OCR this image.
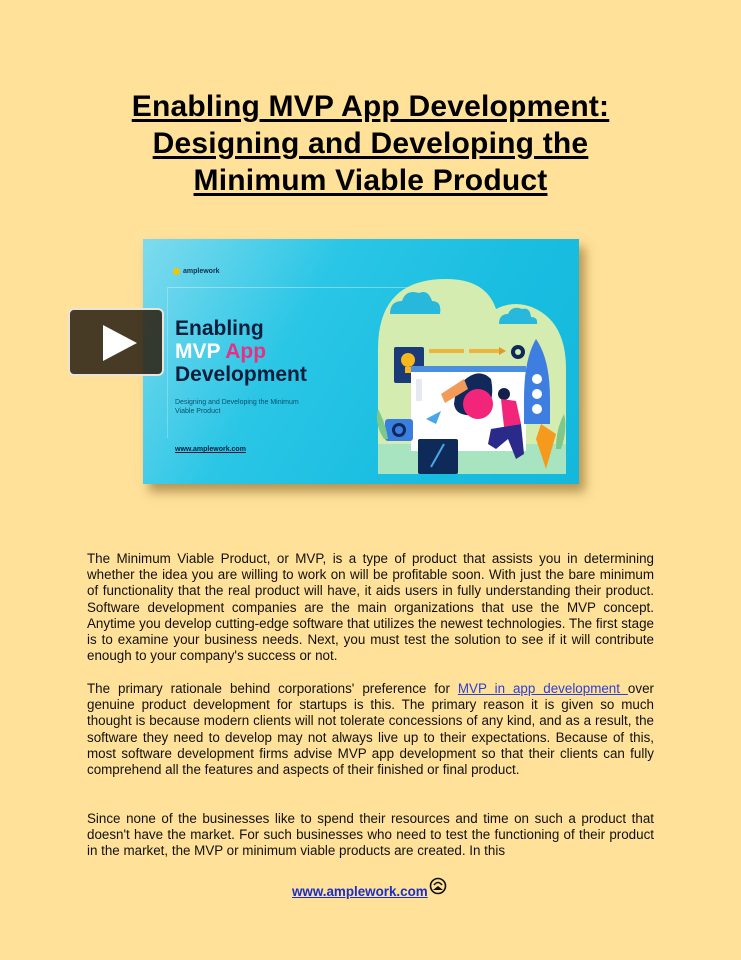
Enabling MVP App Development:
Designing and Developing the
Minimum Viable Product
amplework
Enabling
MVP App
Development
Designing and Developing the Minimum Viable Product
www.amplework.com

The Minimum Viable Product, or MVP, is a type of product that assists you in determining whether the idea you are willing to work on will be profitable soon. With just the bare minimum of functionality that the real product will have, it aids users in fully understanding their product. Software development companies are the main organizations that use the MVP concept. Anytime you develop cutting-edge software that utilizes the newest technologies. The first stage is to examine your business needs. Next, you must test the solution to see if it will contribute enough to your company's success or not.

The primary rationale behind corporations' preference for MVP in app development over genuine product development for startups is this. The primary reason it is given so much thought is because modern clients will not tolerate concessions of any kind, and as a result, the software they need to develop may not always live up to their expectations. Because of this, most software development firms advise MVP app development so that their clients can fully comprehend all the features and aspects of their finished or final product.

Since none of the businesses like to spend their resources and time on such a product that doesn't have the market. For such businesses who need to test the functioning of their product in the market, the MVP or minimum viable products are created. In this

www.amplework.com
